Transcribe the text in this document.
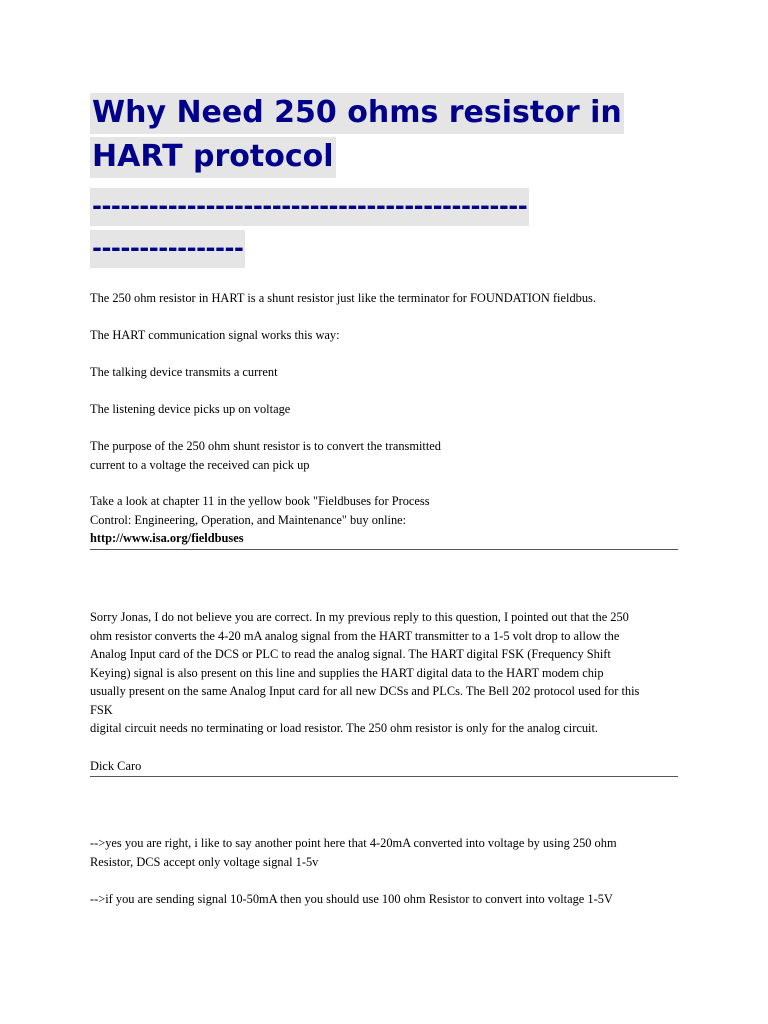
Why Need 250 ohms resistor in
HART protocol
----------------------------------------------
----------------

The 250 ohm resistor in HART is a shunt resistor just like the terminator for FOUNDATION fieldbus.

The HART communication signal works this way:

The talking device transmits a current

The listening device picks up on voltage

The purpose of the 250 ohm shunt resistor is to convert the transmitted
current to a voltage the received can pick up

Take a look at chapter 11 in the yellow book "Fieldbuses for Process
Control: Engineering, Operation, and Maintenance" buy online:
http://www.isa.org/fieldbuses

Sorry Jonas, I do not believe you are correct. In my previous reply to this question, I pointed out that the 250
ohm resistor converts the 4-20 mA analog signal from the HART transmitter to a 1-5 volt drop to allow the
Analog Input card of the DCS or PLC to read the analog signal. The HART digital FSK (Frequency Shift
Keying) signal is also present on this line and supplies the HART digital data to the HART modem chip
usually present on the same Analog Input card for all new DCSs and PLCs. The Bell 202 protocol used for this
FSK
digital circuit needs no terminating or load resistor. The 250 ohm resistor is only for the analog circuit.

Dick Caro

-->yes you are right, i like to say another point here that 4-20mA converted into voltage by using 250 ohm
Resistor, DCS accept only voltage signal 1-5v

-->if you are sending signal 10-50mA then you should use 100 ohm Resistor to convert into voltage 1-5V
